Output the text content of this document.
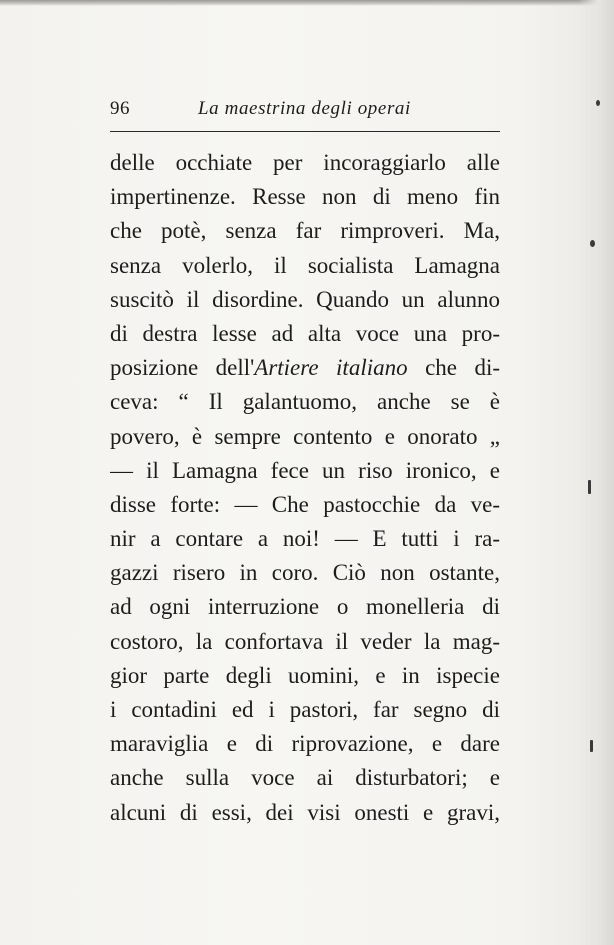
96	La maestrina degli operai
delle occhiate per incoraggiarlo alle
impertinenze. Resse non di meno fin
che potè, senza far rimproveri. Ma,
senza volerlo, il socialista Lamagna
suscitò il disordine. Quando un alunno
di destra lesse ad alta voce una pro-
posizione dell'Artiere italiano che di-
ceva: “ Il galantuomo, anche se è
povero, è sempre contento e onorato „
— il Lamagna fece un riso ironico, e
disse forte: — Che pastocchie da ve-
nir a contare a noi! — E tutti i ra-
gazzi risero in coro. Ciò non ostante,
ad ogni interruzione o monelleria di
costoro, la confortava il veder la mag-
gior parte degli uomini, e in ispecie
i contadini ed i pastori, far segno di
maraviglia e di riprovazione, e dare
anche sulla voce ai disturbatori; e
alcuni di essi, dei visi onesti e gravi,
